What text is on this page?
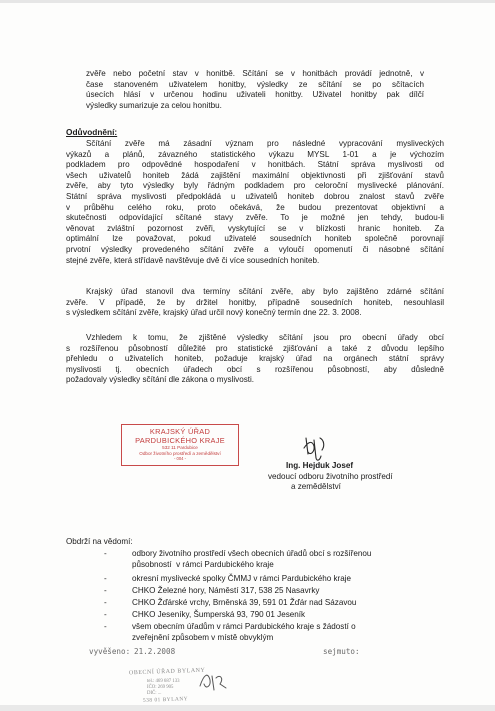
zvěře nebo početní stav v honitbě. Sčítání se v honitbách provádí jednotně, v
čase stanoveném uživatelem honitby, výsledky ze sčítání se po sčítacích
úsecích hlásí v určenou hodinu uživateli honitby. Uživatel honitby pak dílčí
výsledky sumarizuje za celou honitbu.
Odůvodnění:
Sčítání zvěře má zásadní význam pro následné vypracování mysliveckých
výkazů a plánů, závazného statistického výkazu MYSL 1-01 a je výchozím
podkladem pro odpovědné hospodaření v honitbách. Státní správa myslivosti od
všech uživatelů honiteb žádá zajištění maximální objektivnosti při zjišťování stavů
zvěře, aby tyto výsledky byly řádným podkladem pro celoroční myslivecké plánování.
Státní správa myslivosti předpokládá u uživatelů honiteb dobrou znalost stavů zvěře
v průběhu celého roku, proto očekává, že budou prezentovat objektivní a
skutečnosti odpovídající sčítané stavy zvěře. To je možné jen tehdy, budou-li
věnovat zvláštní pozornost zvěři, vyskytující se v blízkosti hranic honiteb. Za
optimální lze považovat, pokud uživatelé sousedních honiteb společně porovnají
prvotní výsledky provedeného sčítání zvěře a vyloučí opomenutí či násobné sčítání
stejné zvěře, která střídavě navštěvuje dvě či více sousedních honiteb.
Krajský úřad stanovil dva termíny sčítání zvěře, aby bylo zajištěno zdárné sčítání
zvěře. V případě, že by držitel honitby, případně sousedních honiteb, nesouhlasil
s výsledkem sčítání zvěře, krajský úřad určil nový konečný termín dne 22. 3. 2008.
Vzhledem k tomu, že zjištěné výsledky sčítání jsou pro obecní úřady obcí
s rozšířenou působností důležité pro statistické zjišťování a také z důvodu lepšího
přehledu o uživatelích honiteb, požaduje krajský úřad na orgánech státní správy
myslivosti tj. obecních úřadech obcí s rozšířenou působností, aby důsledně
požadovaly výsledky sčítání dle zákona o myslivosti.
KRAJSKÝ ÚŘAD
PARDUBICKÉHO KRAJE
532 11 Pardubice
Odbor životního prostředí a zemědělství
- 004 -
Ing. Hejduk Josef
vedoucí odboru životního prostředí
a zemědělství
Obdrží na vědomí:
-	odbory životního prostředí všech obecních úřadů obcí s rozšířenou
působností  v rámci Pardubického kraje
-	okresní myslivecké spolky ČMMJ v rámci Pardubického kraje
-	CHKO Železné hory, Náměstí 317, 538 25 Nasavrky
-	CHKO Žďárské vrchy, Brněnská 39, 591 01 Žďár nad Sázavou
-	CHKO Jeseníky, Šumperská 93, 790 01 Jeseník
-	všem obecním úřadům v rámci Pardubického kraje s žádostí o
zveřejnění způsobem v místě obvyklým
vyvěšeno: 21.2.2008	sejmuto:
OBECNÍ ÚŘAD BYLANY
tel.: 469 687 133
IČO: 269 905
DIČ: ...
538 01 BYLANY
